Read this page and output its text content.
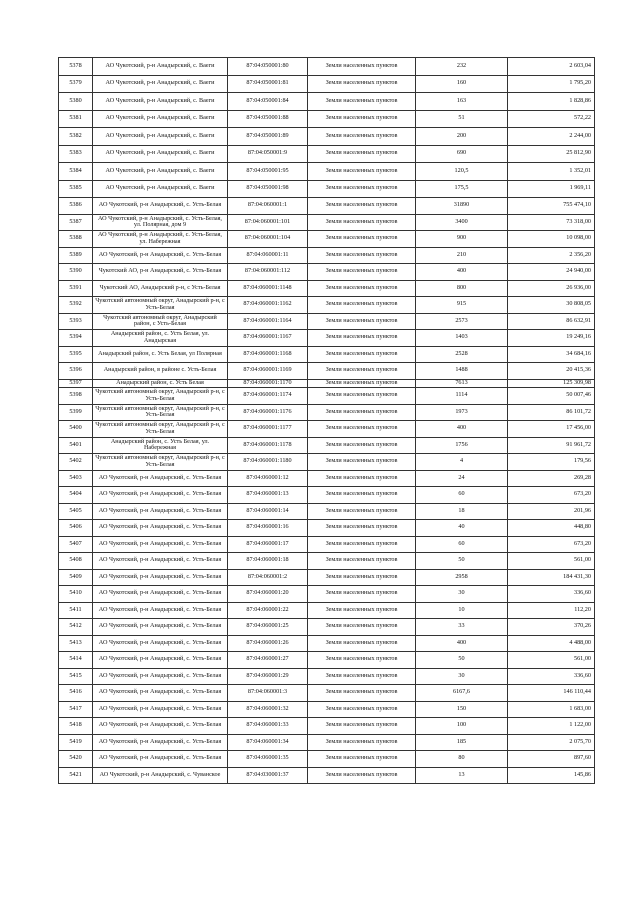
5378	АО Чукотский, р-н Анадырский, с. Ваеги	87:04:050001:80	Земли населенных пунктов	232	2 603,04
5379	АО Чукотский, р-н Анадырский, с. Ваеги	87:04:050001:81	Земли населенных пунктов	160	1 795,20
5380	АО Чукотский, р-н Анадырский, с. Ваеги	87:04:050001:84	Земли населенных пунктов	163	1 828,86
5381	АО Чукотский, р-н Анадырский, с. Ваеги	87:04:050001:88	Земли населенных пунктов	51	572,22
5382	АО Чукотский, р-н Анадырский, с. Ваеги	87:04:050001:89	Земли населенных пунктов	200	2 244,00
5383	АО Чукотский, р-н Анадырский, с. Ваеги	87:04:050001:9	Земли населенных пунктов	690	25 812,90
5384	АО Чукотский, р-н Анадырский, с. Ваеги	87:04:050001:95	Земли населенных пунктов	120,5	1 352,01
5385	АО Чукотский, р-н Анадырский, с. Ваеги	87:04:050001:98	Земли населенных пунктов	175,5	1 969,11
5386	АО Чукотский, р-н Анадырский, с. Усть-Белая	87:04:060001:1	Земли населенных пунктов	31890	755 474,10
5387	АО Чукотский, р-н Анадырский, с. Усть-Белая, ул. Полярная, дом 9	87:04:060001:101	Земли населенных пунктов	3400	73 318,00
5388	АО Чукотский, р-н Анадырский, с. Усть-Белая, ул. Набережная	87:04:060001:104	Земли населенных пунктов	900	10 098,00
5389	АО Чукотский, р-н Анадырский, с. Усть-Белая	87:04:060001:11	Земли населенных пунктов	210	2 356,20
5390	Чукотский АО, р-н Анадырский, с. Усть-Белая	87:04:060001:112	Земли населенных пунктов	400	24 940,00
5391	Чукотский АО, Анадырский р-н, с Усть-Белая	87:04:060001:1148	Земли населенных пунктов	800	26 936,00
5392	Чукотский автономный округ, Анадырский р-н, с Усть-Белая	87:04:060001:1162	Земли населенных пунктов	915	30 808,05
5393	Чукотский автономный округ, Анадырский район, с Усть-Белая	87:04:060001:1164	Земли населенных пунктов	2573	86 632,91
5394	Анадырский район, с. Усть Белая, ул. Анадырская	87:04:060001:1167	Земли населенных пунктов	1403	19 249,16
5395	Анадырский район, с. Усть Белая, ул Полярная	87:04:060001:1168	Земли населенных пунктов	2528	34 684,16
5396	Анадырский район, в районе с. Усть-Белая	87:04:060001:1169	Земли населенных пунктов	1488	20 415,36
5397	Анадырский район, с. Усть Белая	87:04:060001:1170	Земли населенных пунктов	7613	125 309,98
5398	Чукотский автономный округ, Анадырский р-н, с Усть-Белая	87:04:060001:1174	Земли населенных пунктов	1114	50 007,46
5399	Чукотский автономный округ, Анадырский р-н, с Усть-Белая	87:04:060001:1176	Земли населенных пунктов	1973	86 101,72
5400	Чукотский автономный округ, Анадырский р-н, с Усть-Белая	87:04:060001:1177	Земли населенных пунктов	400	17 456,00
5401	Анадырский район, с. Усть Белая, ул. Набережная	87:04:060001:1178	Земли населенных пунктов	1756	91 961,72
5402	Чукотский автономный округ, Анадырский р-н, с Усть-Белая	87:04:060001:1180	Земли населенных пунктов	4	179,56
5403	АО Чукотский, р-н Анадырский, с. Усть-Белая	87:04:060001:12	Земли населенных пунктов	24	269,28
5404	АО Чукотский, р-н Анадырский, с. Усть-Белая	87:04:060001:13	Земли населенных пунктов	60	673,20
5405	АО Чукотский, р-н Анадырский, с. Усть-Белая	87:04:060001:14	Земли населенных пунктов	18	201,96
5406	АО Чукотский, р-н Анадырский, с. Усть-Белая	87:04:060001:16	Земли населенных пунктов	40	448,80
5407	АО Чукотский, р-н Анадырский, с. Усть-Белая	87:04:060001:17	Земли населенных пунктов	60	673,20
5408	АО Чукотский, р-н Анадырский, с. Усть-Белая	87:04:060001:18	Земли населенных пунктов	50	561,00
5409	АО Чукотский, р-н Анадырский, с. Усть-Белая	87:04:060001:2	Земли населенных пунктов	2958	184 431,30
5410	АО Чукотский, р-н Анадырский, с. Усть-Белая	87:04:060001:20	Земли населенных пунктов	30	336,60
5411	АО Чукотский, р-н Анадырский, с. Усть-Белая	87:04:060001:22	Земли населенных пунктов	10	112,20
5412	АО Чукотский, р-н Анадырский, с. Усть-Белая	87:04:060001:25	Земли населенных пунктов	33	370,26
5413	АО Чукотский, р-н Анадырский, с. Усть-Белая	87:04:060001:26	Земли населенных пунктов	400	4 488,00
5414	АО Чукотский, р-н Анадырский, с. Усть-Белая	87:04:060001:27	Земли населенных пунктов	50	561,00
5415	АО Чукотский, р-н Анадырский, с. Усть-Белая	87:04:060001:29	Земли населенных пунктов	30	336,60
5416	АО Чукотский, р-н Анадырский, с. Усть-Белая	87:04:060001:3	Земли населенных пунктов	6167,6	146 110,44
5417	АО Чукотский, р-н Анадырский, с. Усть-Белая	87:04:060001:32	Земли населенных пунктов	150	1 683,00
5418	АО Чукотский, р-н Анадырский, с. Усть-Белая	87:04:060001:33	Земли населенных пунктов	100	1 122,00
5419	АО Чукотский, р-н Анадырский, с. Усть-Белая	87:04:060001:34	Земли населенных пунктов	185	2 075,70
5420	АО Чукотский, р-н Анадырский, с. Усть-Белая	87:04:060001:35	Земли населенных пунктов	80	897,60
5421	АО Чукотский, р-н Анадырский, с. Чуванское	87:04:030001:37	Земли населенных пунктов	13	145,86
